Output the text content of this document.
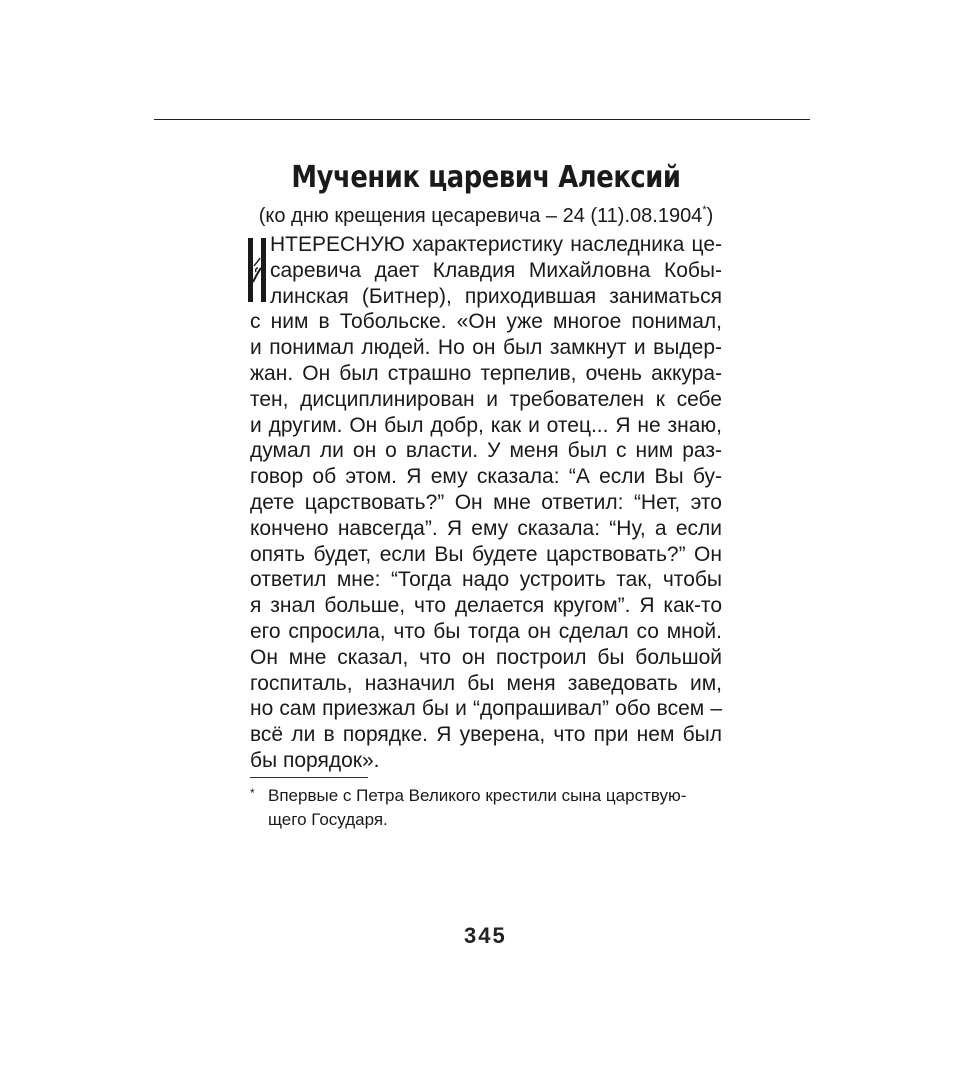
Мученик царевич Алексий

(ко дню крещения цесаревича – 24 (11).08.1904*)

НТЕРЕСНУЮ характеристику наследника це-
саревича дает Клавдия Михайловна Кобы-
линская (Битнер), приходившая заниматься
с ним в Тобольске. «Он уже многое понимал,
и понимал людей. Но он был замкнут и выдер-
жан. Он был страшно терпелив, очень аккура-
тен, дисциплинирован и требователен к себе
и другим. Он был добр, как и отец... Я не знаю,
думал ли он о власти. У меня был с ним раз-
говор об этом. Я ему сказала: “А если Вы бу-
дете царствовать?” Он мне ответил: “Нет, это
кончено навсегда”. Я ему сказала: “Ну, а если
опять будет, если Вы будете царствовать?” Он
ответил мне: “Тогда надо устроить так, чтобы
я знал больше, что делается кругом”. Я как-то
его спросила, что бы тогда он сделал со мной.
Он мне сказал, что он построил бы большой
госпиталь, назначил бы меня заведовать им,
но сам приезжал бы и “допрашивал” обо всем –
всё ли в порядке. Я уверена, что при нем был
бы порядок».
* Впервые с Петра Великого крестили сына царствую-
щего Государя.
345
